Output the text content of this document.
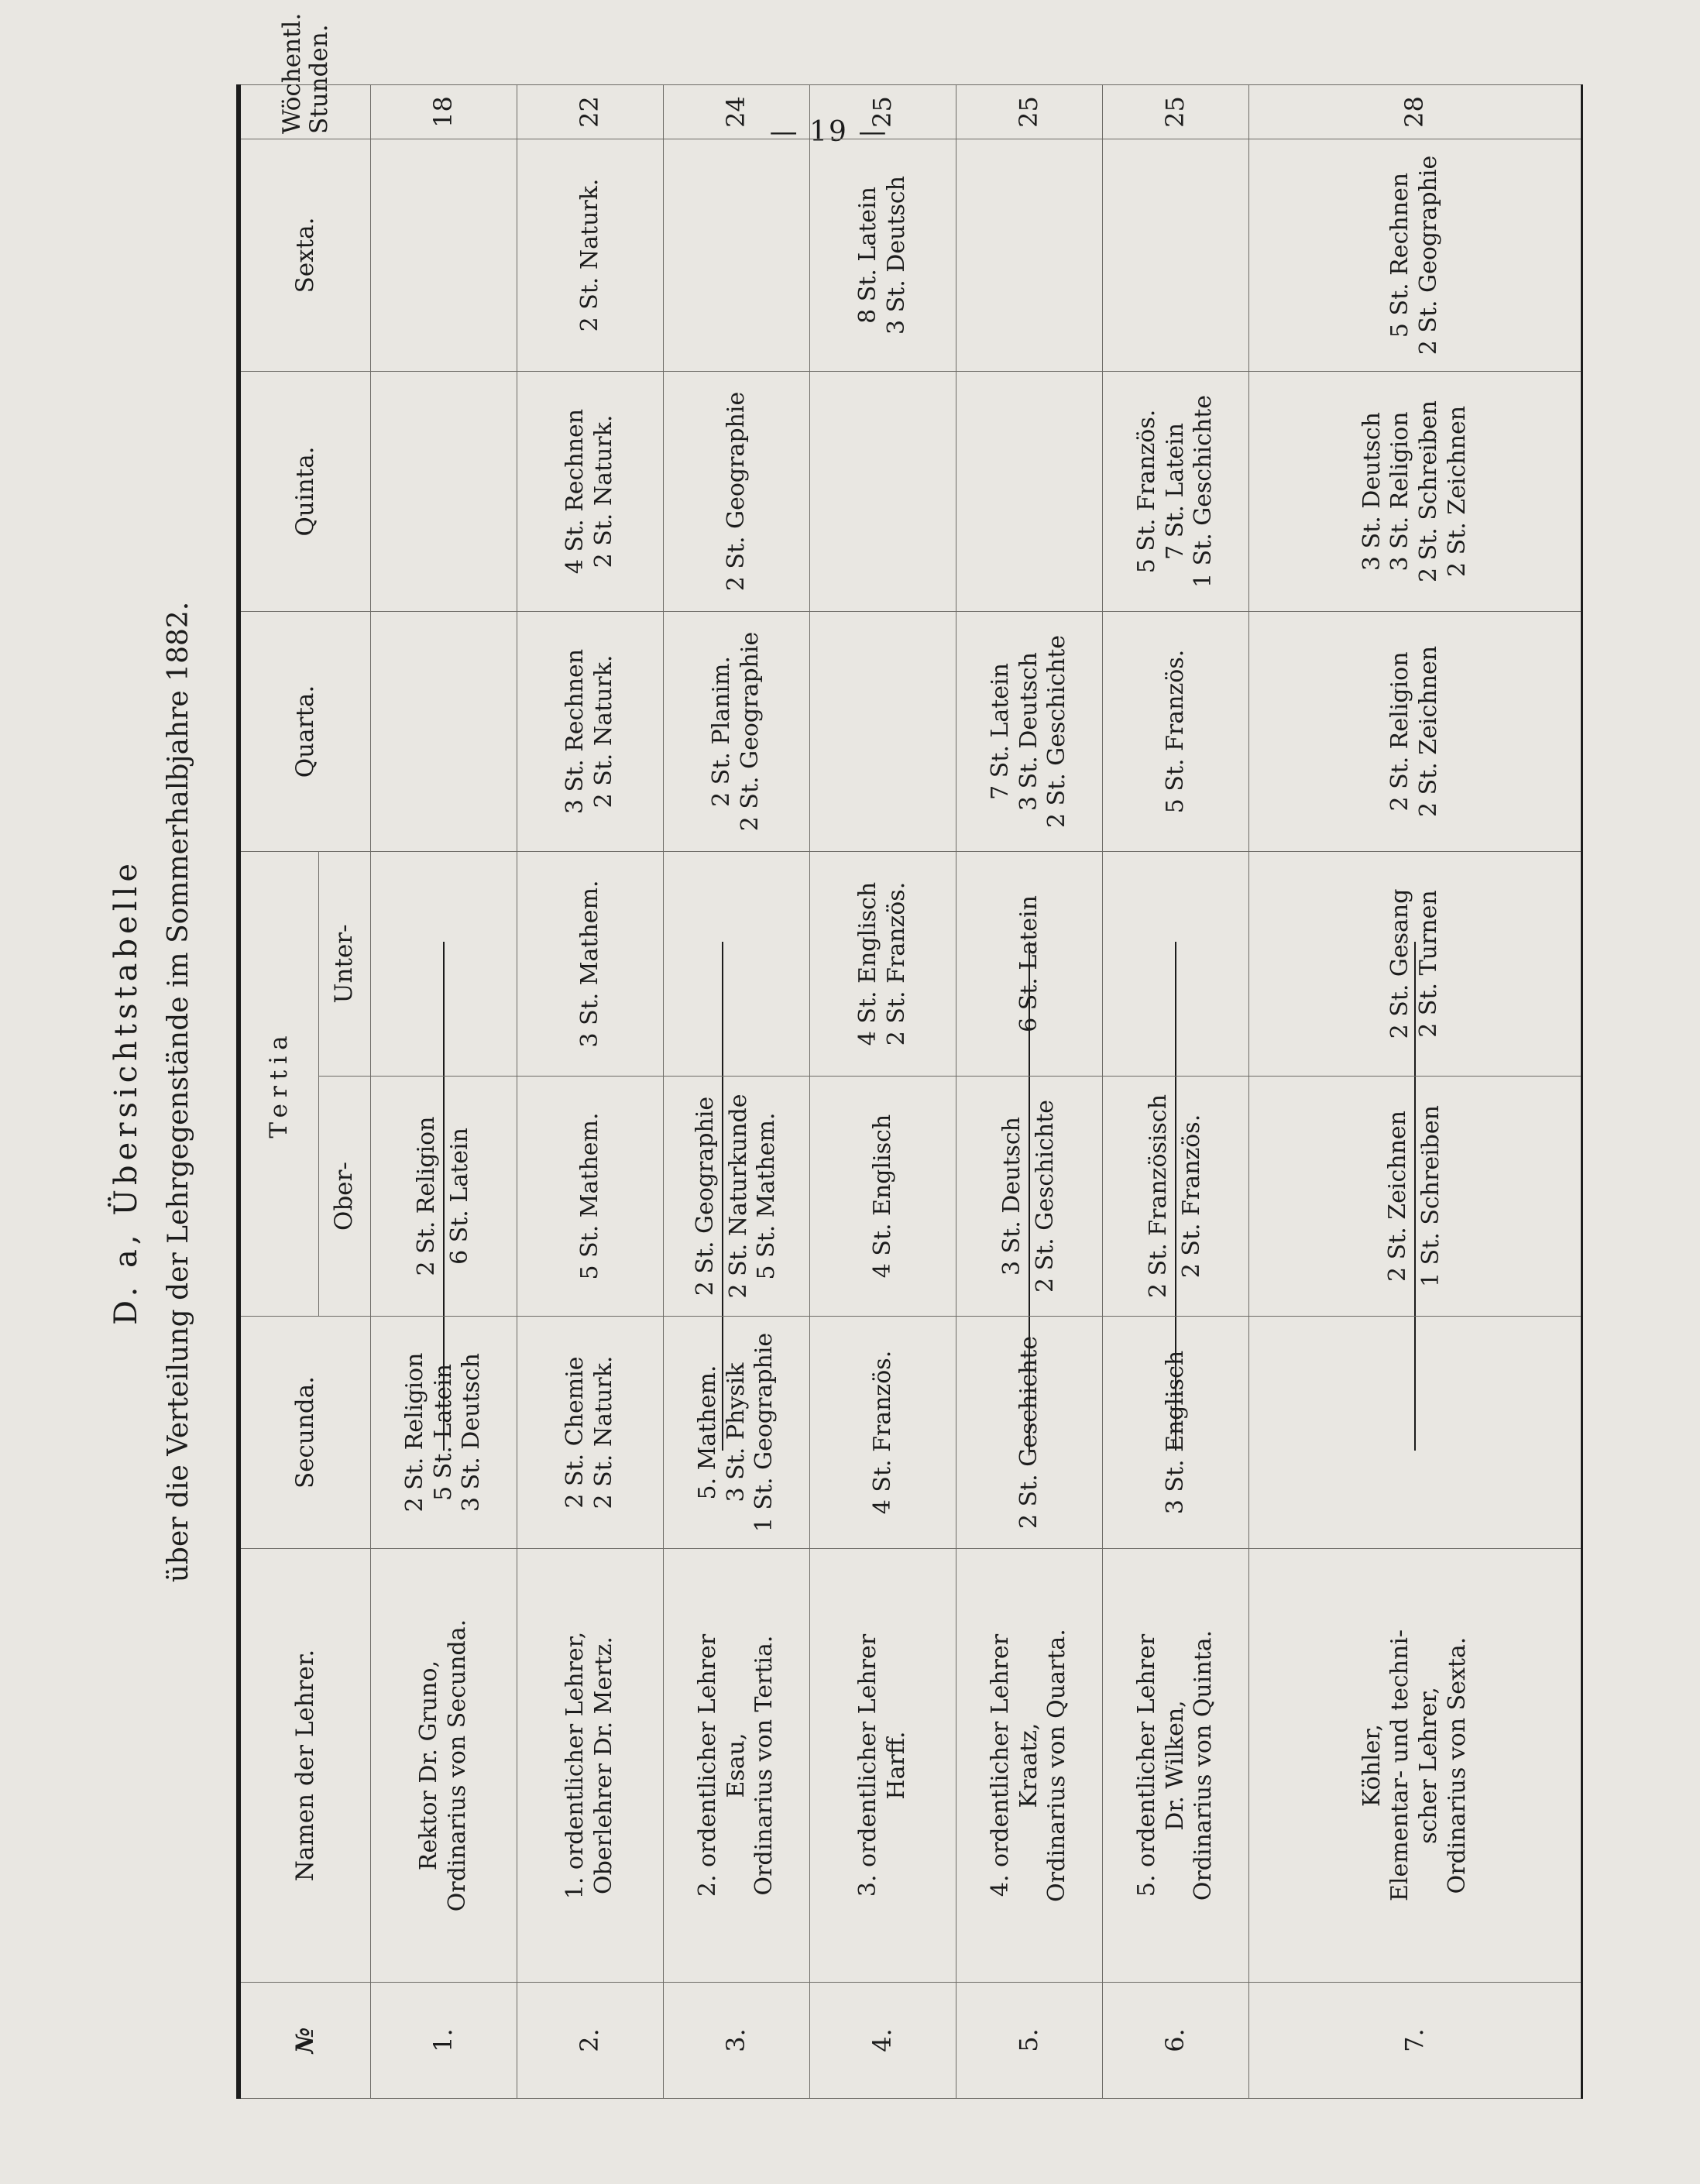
— 19 —

D. a, Übersichtstabelle über die Verteilung der Lehrgegenstände im Sommerhalbjahre 1882.
№	Namen der Lehrer.	Secunda.	Tertia		Quarta.	Quinta.	Sexta.	Wöchentl.
Stunden.

			Ober-	Unter-				
1.	Rektor Dr. Gruno, Ordinarius von Secunda.	2 St. Religion 5 St. Latein 3 St. Deutsch	2 St. Religion 6 St. Latein					18
2.	1. ordentlicher Lehrer, Oberlehrer Dr. Mertz.	2 St. Chemie 2 St. Naturk.	5 St. Mathem.	3 St. Mathem.	3 St. Rechnen 2 St. Naturk.	4 St. Rechnen 2 St. Naturk.	2 St. Naturk.	22
3.	2. ordentlicher Lehrer Esau, Ordinarius von Tertia.	5. Mathem. 3 St. Physik 1 St. Geographie	2 St. Geographie 2 St. Naturkunde 5 St. Mathem.		2 St. Planim. 2 St. Geographie	2 St. Geographie		24
4.	3. ordentlicher Lehrer Harff.	4 St. Französ.	4 St. Englisch	4 St. Englisch 2 St. Französ.			8 St. Latein 3 St. Deutsch	25
5.	4. ordentlicher Lehrer Kraatz, Ordinarius von Quarta.	2 St. Geschichte	3 St. Deutsch 2 St. Geschichte	6 St. Latein	7 St. Latein 3 St. Deutsch 2 St. Geschichte			25
6.	5. ordentlicher Lehrer Dr. Wilken, Ordinarius von Quinta.	3 St. Englisch	2 St. Französisch 2 St. Französ.		5 St. Französ.	5 St. Französ. 7 St. Latein 1 St. Geschichte		25
7.	Köhler, Elementar- und techni- scher Lehrer, Ordinarius von Sexta.		2 St. Zeichnen 1 St. Schreiben	2 St. Gesang 2 St. Turnen	2 St. Religion 2 St. Zeichnen	3 St. Deutsch 3 St. Religion 2 St. Schreiben 2 St. Zeichnen	5 St. Rechnen 2 St. Geographie	28
